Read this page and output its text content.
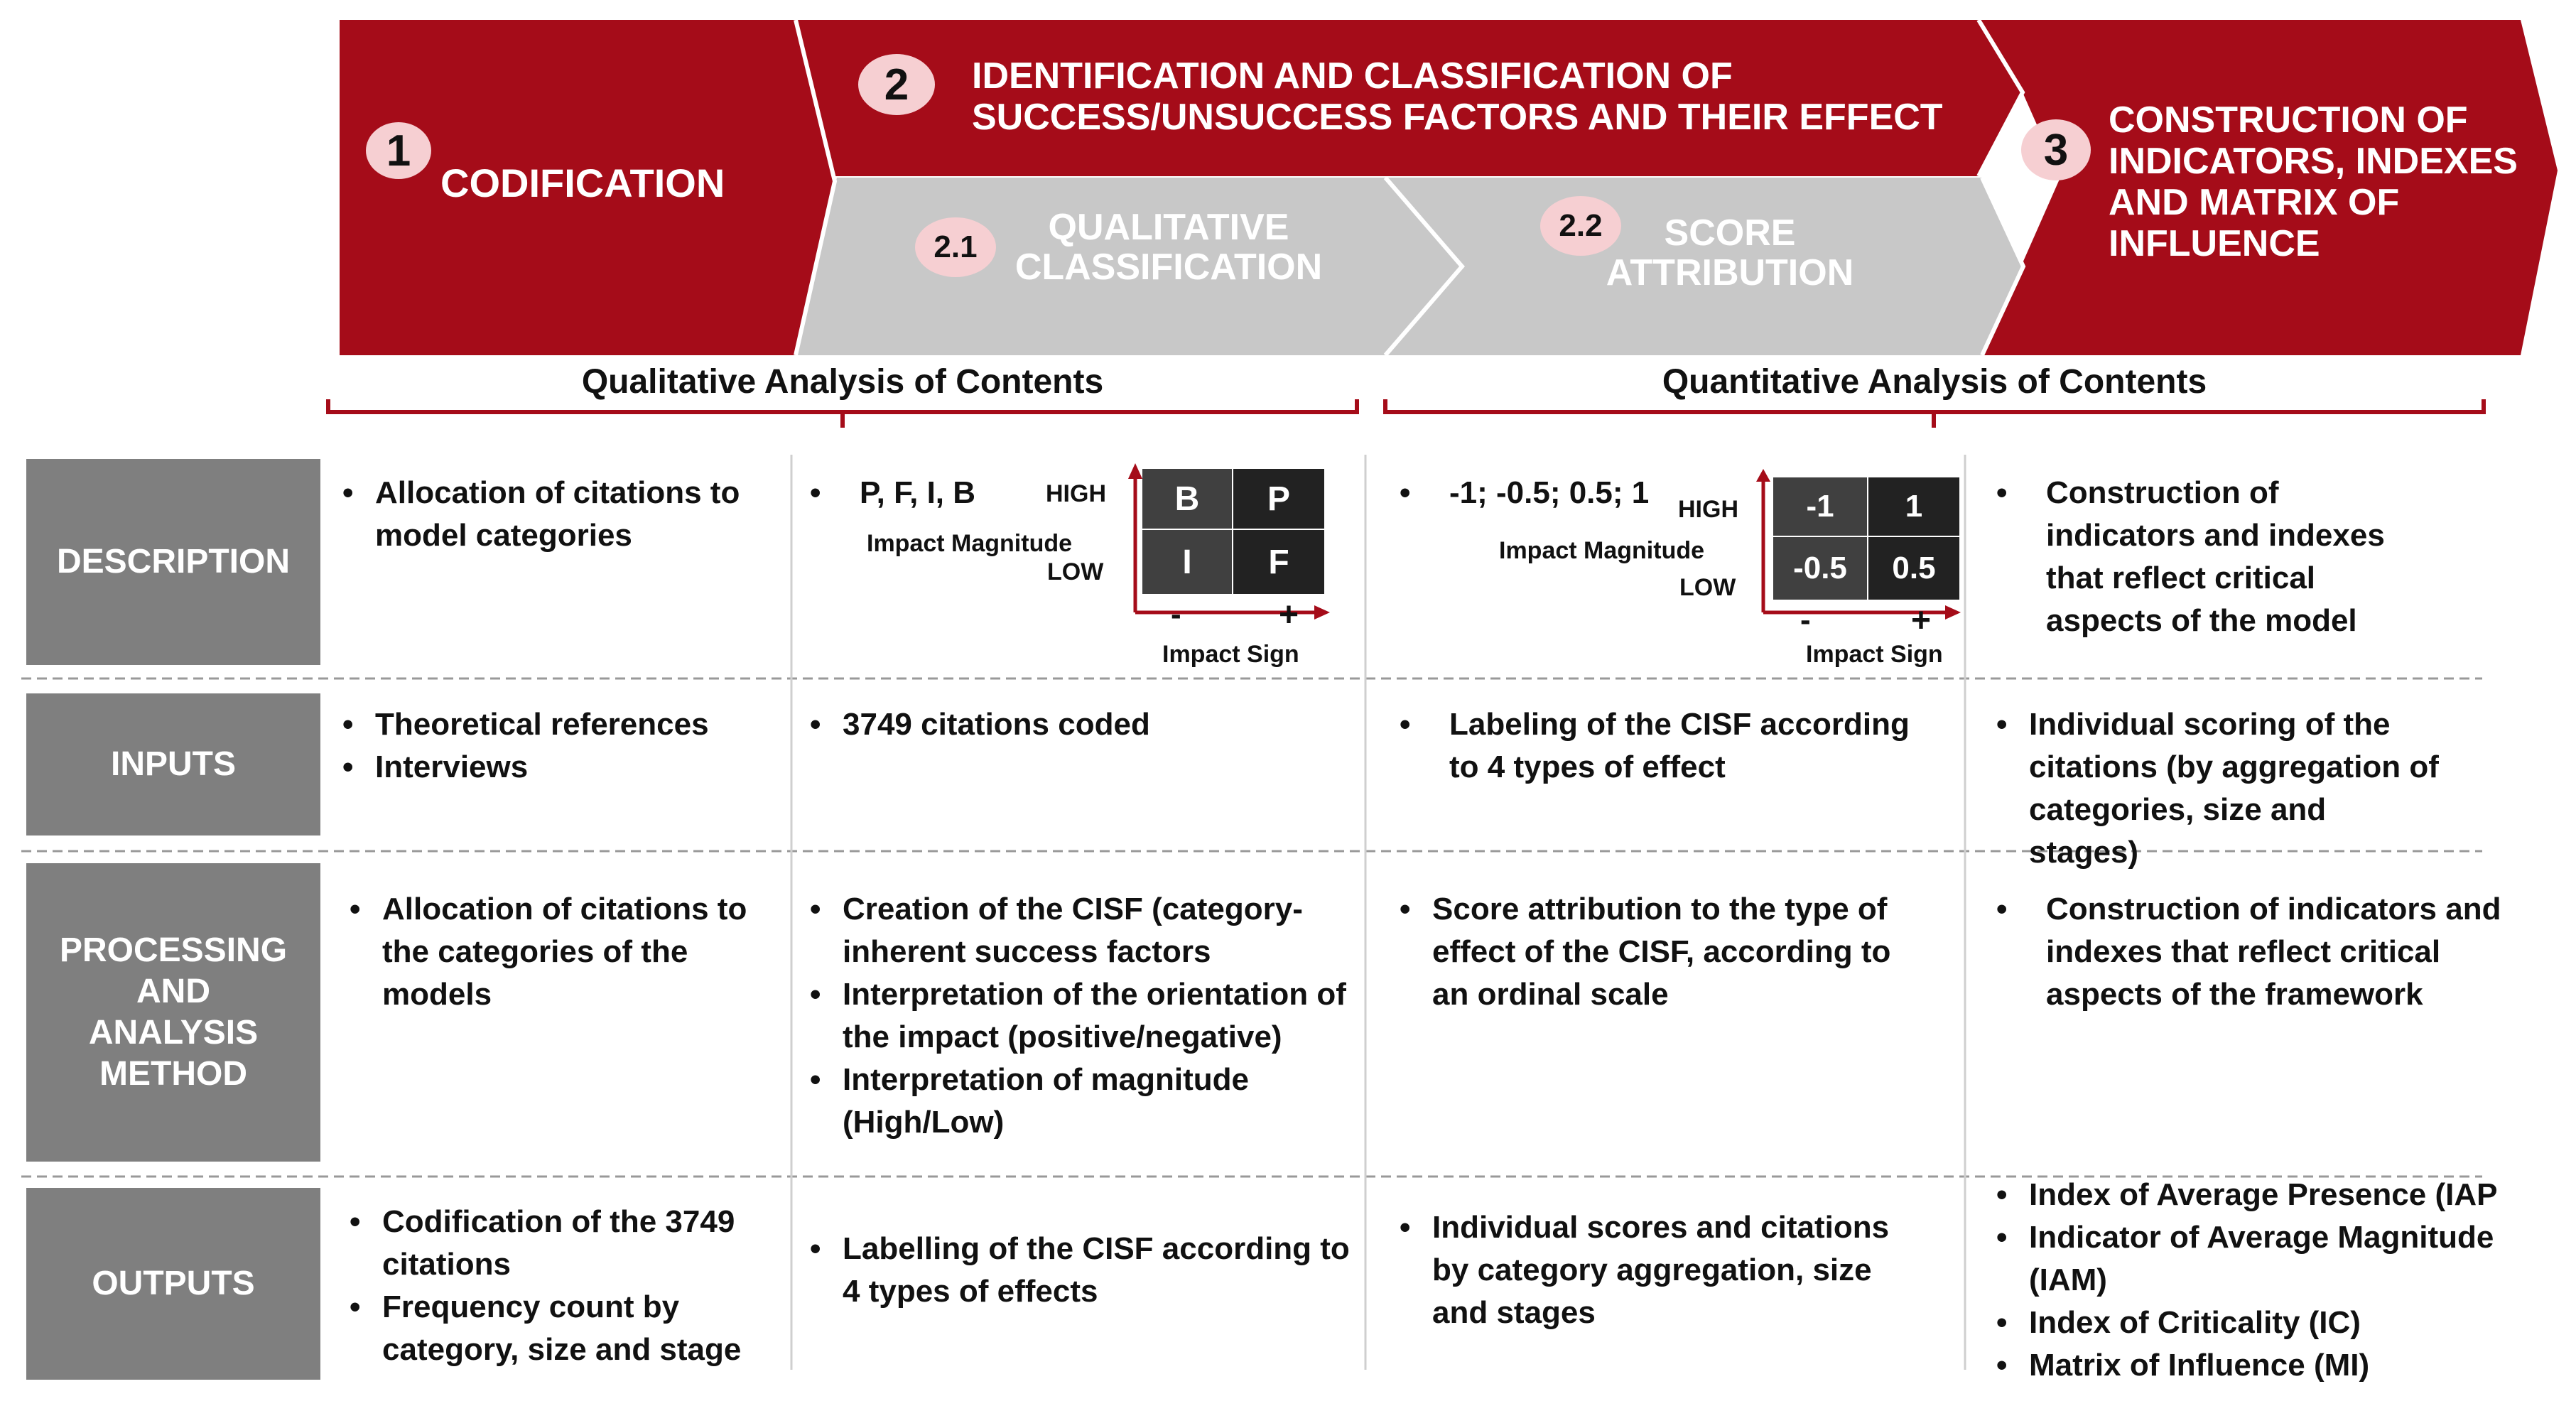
1
CODIFICATION
2	IDENTIFICATION AND CLASSIFICATION OF
SUCCESS/UNSUCCESS FACTORS AND THEIR EFFECT
2.1	QUALITATIVE
CLASSIFICATION
2.2	SCORE
ATTRIBUTION
3
CONSTRUCTION OF
INDICATORS, INDEXES
AND MATRIX OF
INFLUENCE
Qualitative Analysis of Contents	Quantitative Analysis of Contents
DESCRIPTION
INPUTS
PROCESSING AND
ANALYSIS
METHOD
OUTPUTS
• Allocation of citations to model categories
• P, F, I, B	B	P
I	F
HIGH
Impact Magnitude
LOW
-	+
Impact Sign
• -1; -0.5; 0.5; 1	-1	1
-0.5	0.5
HIGH
Impact Magnitude
LOW
-	+
Impact Sign
• Construction of indicators and indexes that reflect critical aspects of the model
• Theoretical references
• Interviews
• 3749 citations coded
•	Labeling of the CISF according to 4 types of effect
• Individual scoring of the citations (by aggregation of categories, size and stages)
• Allocation of citations to the categories of the models
• Creation of the CISF (category-inherent success factors
• Interpretation of the orientation of the impact (positive/negative)
• Interpretation of magnitude (High/Low)
• Score attribution to the type of effect of the CISF, according to an ordinal scale
• Construction of indicators and indexes that reflect critical aspects of the framework
• Codification of the 3749 citations
• Frequency count by category, size and stage
• Labelling of the CISF according to 4 types of effects
• Individual scores and citations by category aggregation, size and stages
• Index of Average Presence (IAP
• Indicator of Average Magnitude (IAM)
• Index of Criticality (IC)
• Matrix of Influence (MI)
